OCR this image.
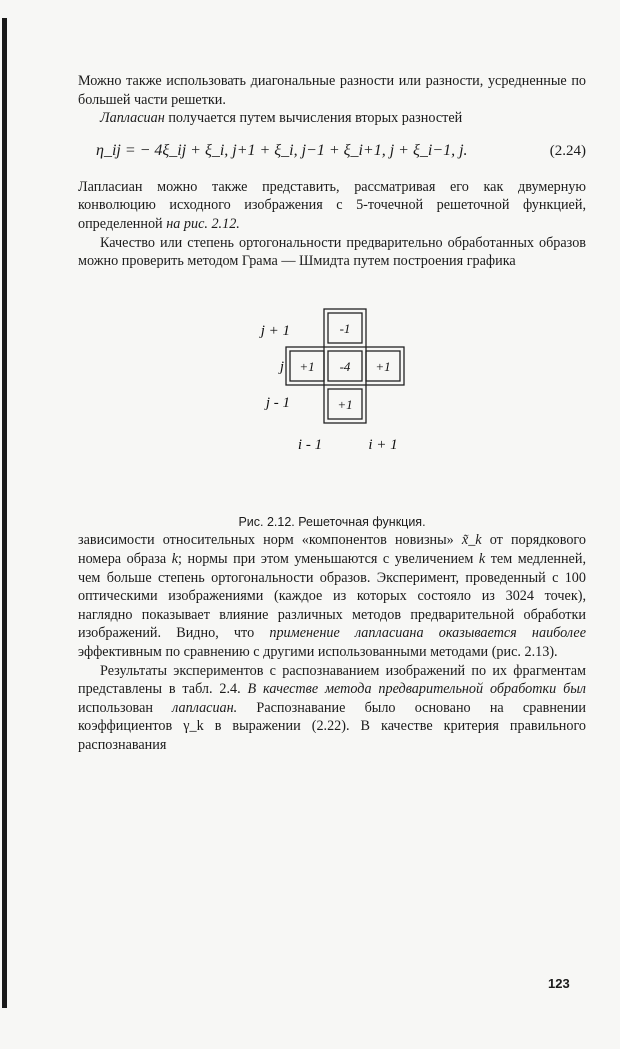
Можно также использовать диагональные разности или разности, усредненные по большей части решетки.

Лапласиан получается путем вычисления вторых разностей

η_ij = − 4ξ_ij + ξ_i, j+1 + ξ_i, j−1 + ξ_i+1, j + ξ_i−1, j.	(2.24)

Лапласиан можно также представить, рассматривая его как двумерную конволюцию исходного изображения с 5-точечной решеточной функцией, определенной на рис. 2.12.

Качество или степень ортогональности предварительно обработанных образов можно проверить методом Грама — Шмидта путем построения графика

-1
+1 -4 +1
+1
j + 1
j
j - 1
i - 1	i + 1

Рис. 2.12. Решеточная функция.

зависимости относительных норм «компонентов новизны» x̃_k от порядкового номера образа k; нормы при этом уменьшаются с увеличением k тем медленней, чем больше степень ортогональности образов. Эксперимент, проведенный с 100 оптическими изображениями (каждое из которых состояло из 3024 точек), наглядно показывает влияние различных методов предварительной обработки изображений. Видно, что применение лапласиана оказывается наиболее эффективным по сравнению с другими использованными методами (рис. 2.13).

Результаты экспериментов с распознаванием изображений по их фрагментам представлены в табл. 2.4. В качестве метода предварительной обработки был использован лапласиан. Распознавание было основано на сравнении коэффициентов γ_k в выражении (2.22). В качестве критерия правильного распознавания

123
